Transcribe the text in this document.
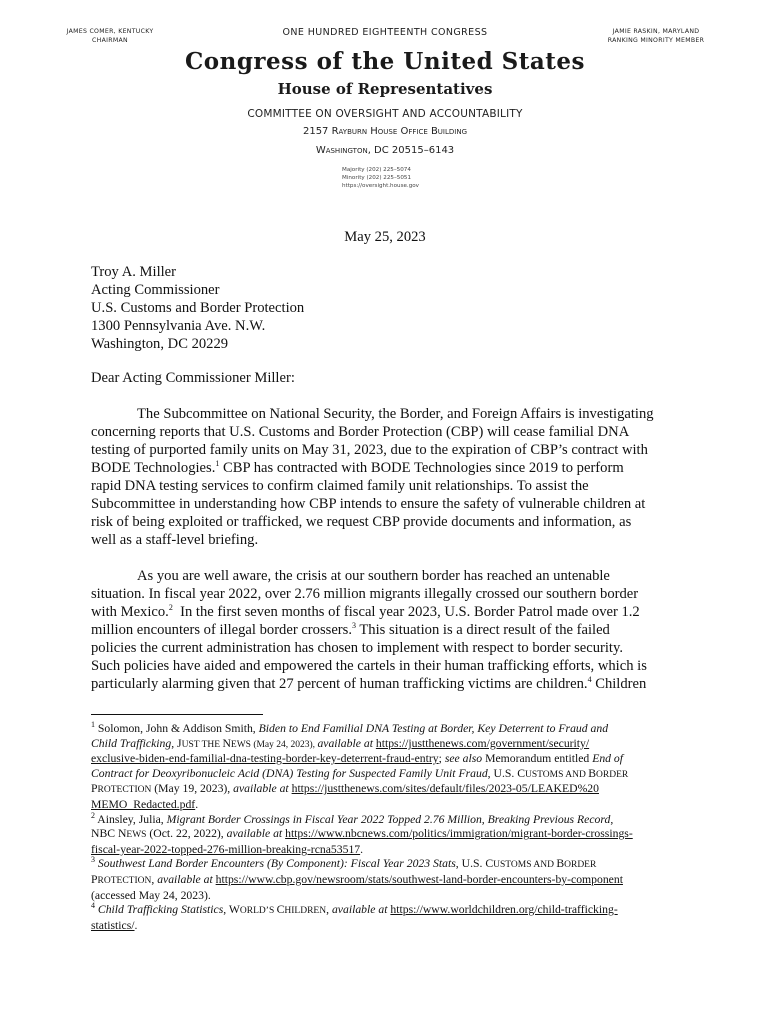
JAMES COMER, KENTUCKY
CHAIRMAN
JAMIE RASKIN, MARYLAND
RANKING MINORITY MEMBER
ONE HUNDRED EIGHTEENTH CONGRESS
Congress of the United States
House of Representatives
COMMITTEE ON OVERSIGHT AND ACCOUNTABILITY
2157 Rayburn House Office Building
Washington, DC 20515–6143
Majority (202) 225–5074
Minority (202) 225–5051
https://oversight.house.gov
May 25, 2023
Troy A. Miller
Acting Commissioner
U.S. Customs and Border Protection
1300 Pennsylvania Ave. N.W.
Washington, DC 20229
Dear Acting Commissioner Miller:
The Subcommittee on National Security, the Border, and Foreign Affairs is investigating
concerning reports that U.S. Customs and Border Protection (CBP) will cease familial DNA
testing of purported family units on May 31, 2023, due to the expiration of CBP’s contract with
BODE Technologies.$^1$ CBP has contracted with BODE Technologies since 2019 to perform
rapid DNA testing services to confirm claimed family unit relationships. To assist the
Subcommittee in understanding how CBP intends to ensure the safety of vulnerable children at
risk of being exploited or trafficked, we request CBP provide documents and information, as
well as a staff-level briefing.
As you are well aware, the crisis at our southern border has reached an untenable
situation. In fiscal year 2022, over 2.76 million migrants illegally crossed our southern border
with Mexico.$^2$ In the first seven months of fiscal year 2023, U.S. Border Patrol made over 1.2
million encounters of illegal border crossers.$^3$ This situation is a direct result of the failed
policies the current administration has chosen to implement with respect to border security.
Such policies have aided and empowered the cartels in their human trafficking efforts, which is
particularly alarming given that 27 percent of human trafficking victims are children.$^4$ Children
$^1$ Solomon, John & Addison Smith, Biden to End Familial DNA Testing at Border, Key Deterrent to Fraud and
Child Trafficking, JUST THE NEWS (May 24, 2023), available at https://justthenews.com/government/security/
exclusive-biden-end-familial-dna-testing-border-key-deterrent-fraud-entry; see also Memorandum entitled End of
Contract for Deoxyribonucleic Acid (DNA) Testing for Suspected Family Unit Fraud, U.S. CUSTOMS AND BORDER
PROTECTION (May 19, 2023), available at https://justthenews.com/sites/default/files/2023-05/LEAKED%20
MEMO_Redacted.pdf.
$^2$ Ainsley, Julia, Migrant Border Crossings in Fiscal Year 2022 Topped 2.76 Million, Breaking Previous Record,
NBC NEWS (Oct. 22, 2022), available at https://www.nbcnews.com/politics/immigration/migrant-border-crossings-
fiscal-year-2022-topped-276-million-breaking-rcna53517.
$^3$ Southwest Land Border Encounters (By Component): Fiscal Year 2023 Stats, U.S. CUSTOMS AND BORDER
PROTECTION, available at https://www.cbp.gov/newsroom/stats/southwest-land-border-encounters-by-component
(accessed May 24, 2023).
$^4$ Child Trafficking Statistics, WORLD’S CHILDREN, available at https://www.worldchildren.org/child-trafficking-
statistics/.
